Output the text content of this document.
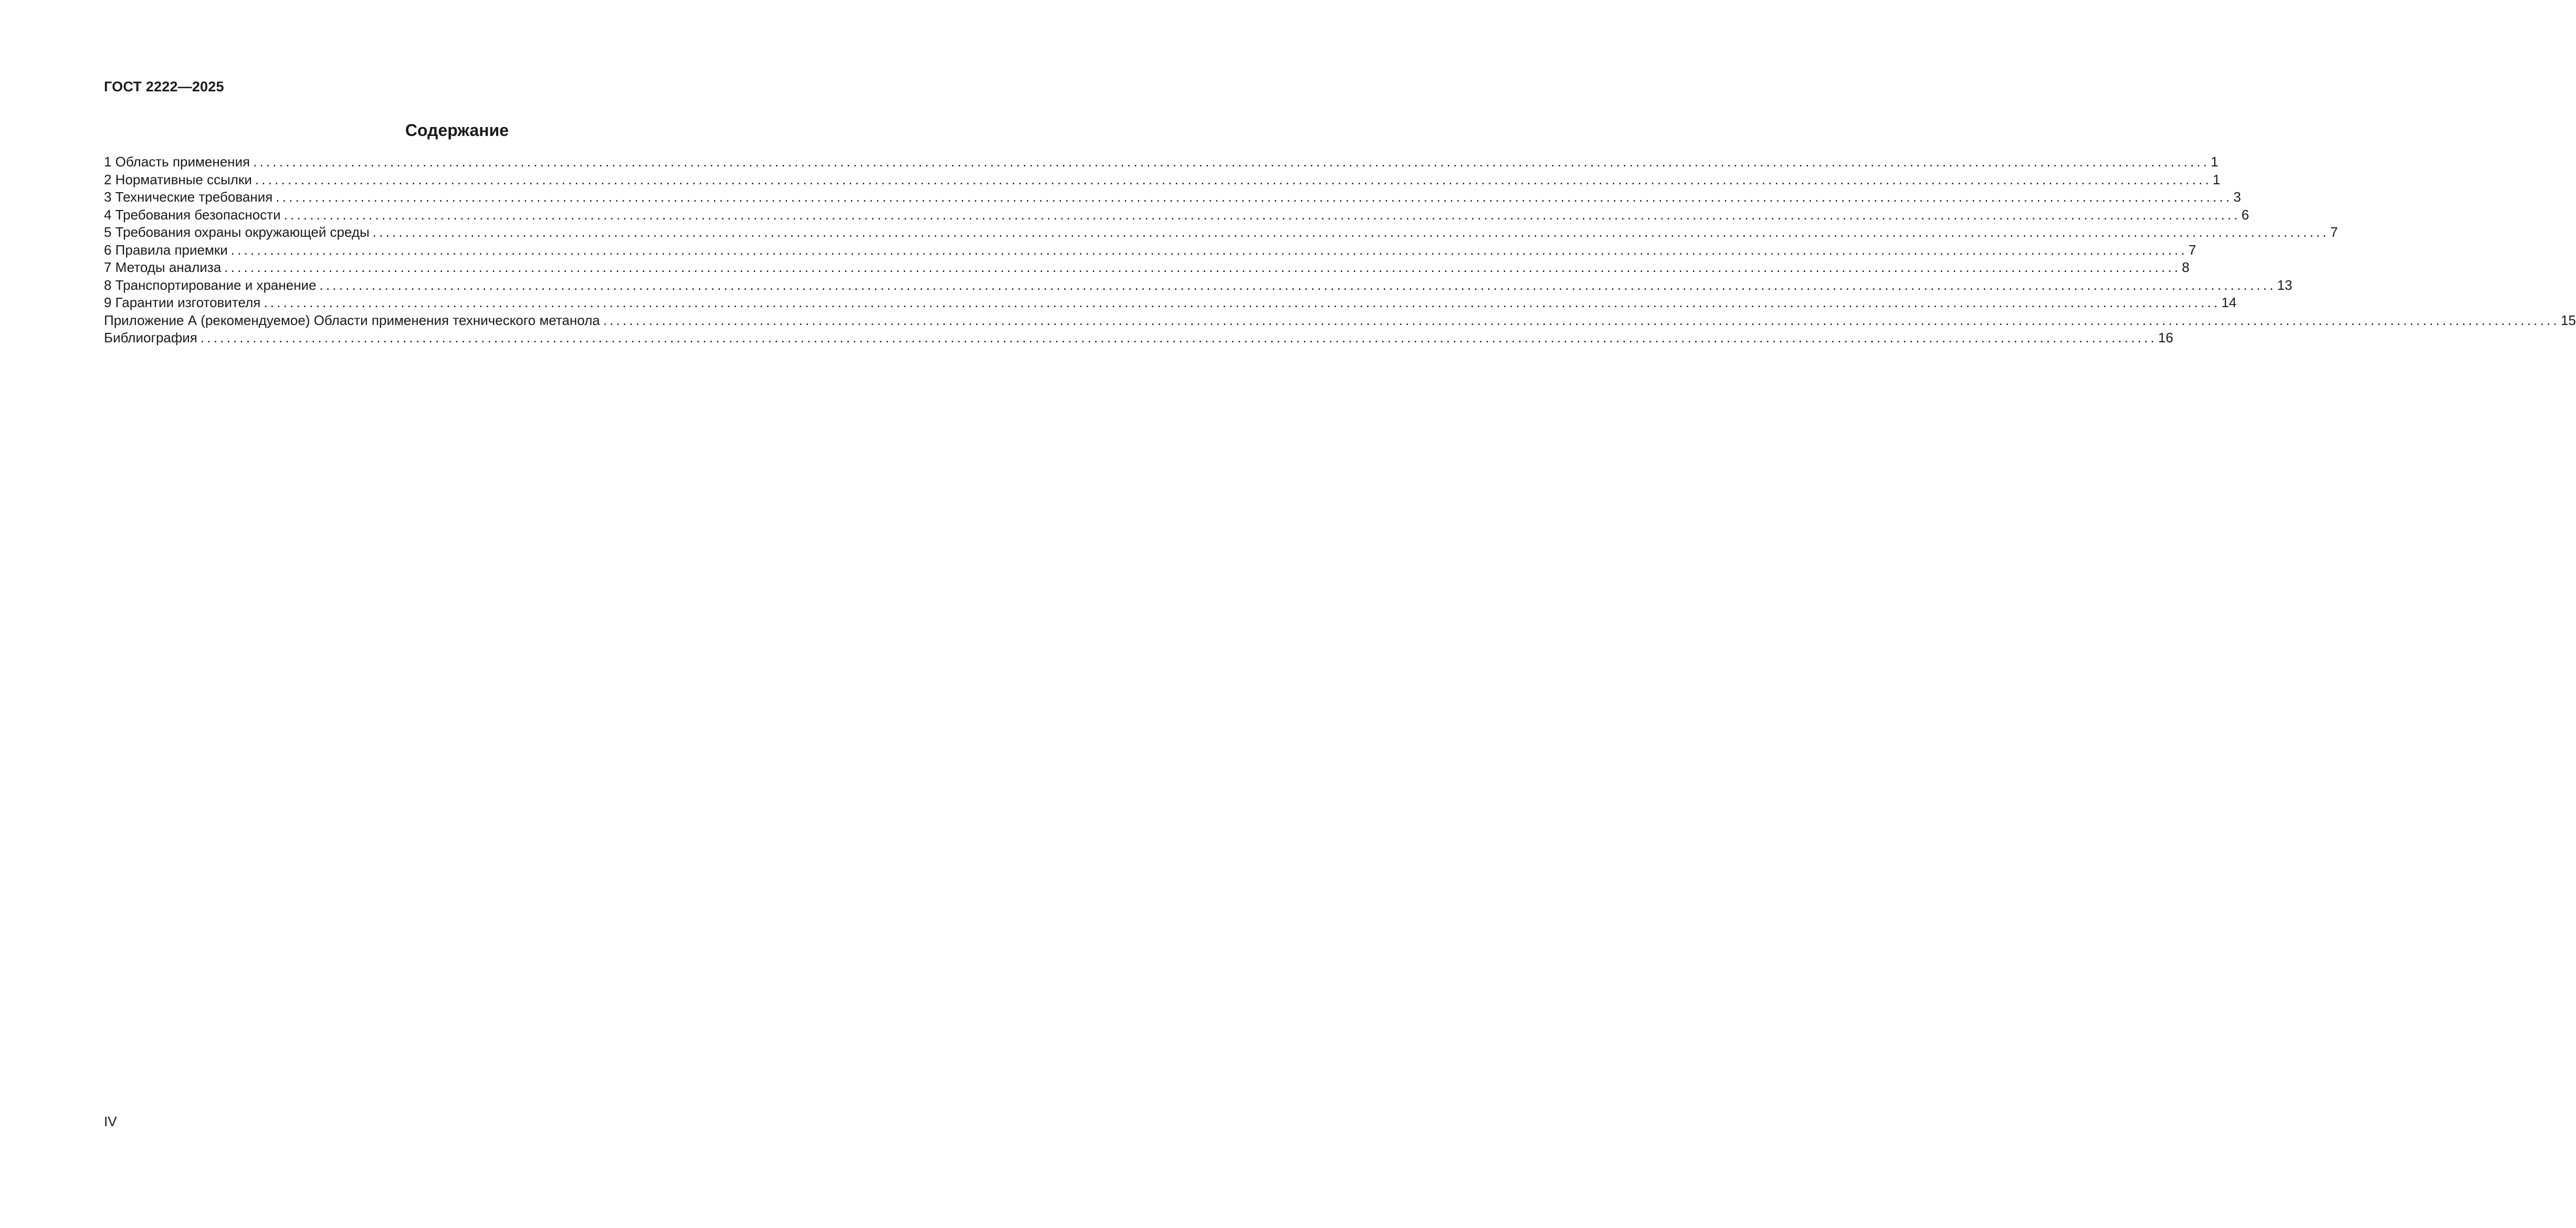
ГОСТ 2222—2025
Содержание
1 Область применения ............................................................................................................................................................................................................................................................................................................ 1
2 Нормативные ссылки ............................................................................................................................................................................................................................................................................................................ 1
3 Технические требования ............................................................................................................................................................................................................................................................................................................ 3
4 Требования безопасности ............................................................................................................................................................................................................................................................................................................ 6
5 Требования охраны окружающей среды ............................................................................................................................................................................................................................................................................................................ 7
6 Правила приемки ............................................................................................................................................................................................................................................................................................................ 7
7 Методы анализа ............................................................................................................................................................................................................................................................................................................ 8
8 Транспортирование и хранение ............................................................................................................................................................................................................................................................................................................ 13
9 Гарантии изготовителя ............................................................................................................................................................................................................................................................................................................ 14
Приложение А (рекомендуемое) Области применения технического метанола ............................................................................................................................................................................................................................................................................................................ 15
Библиография ............................................................................................................................................................................................................................................................................................................ 16
IV
